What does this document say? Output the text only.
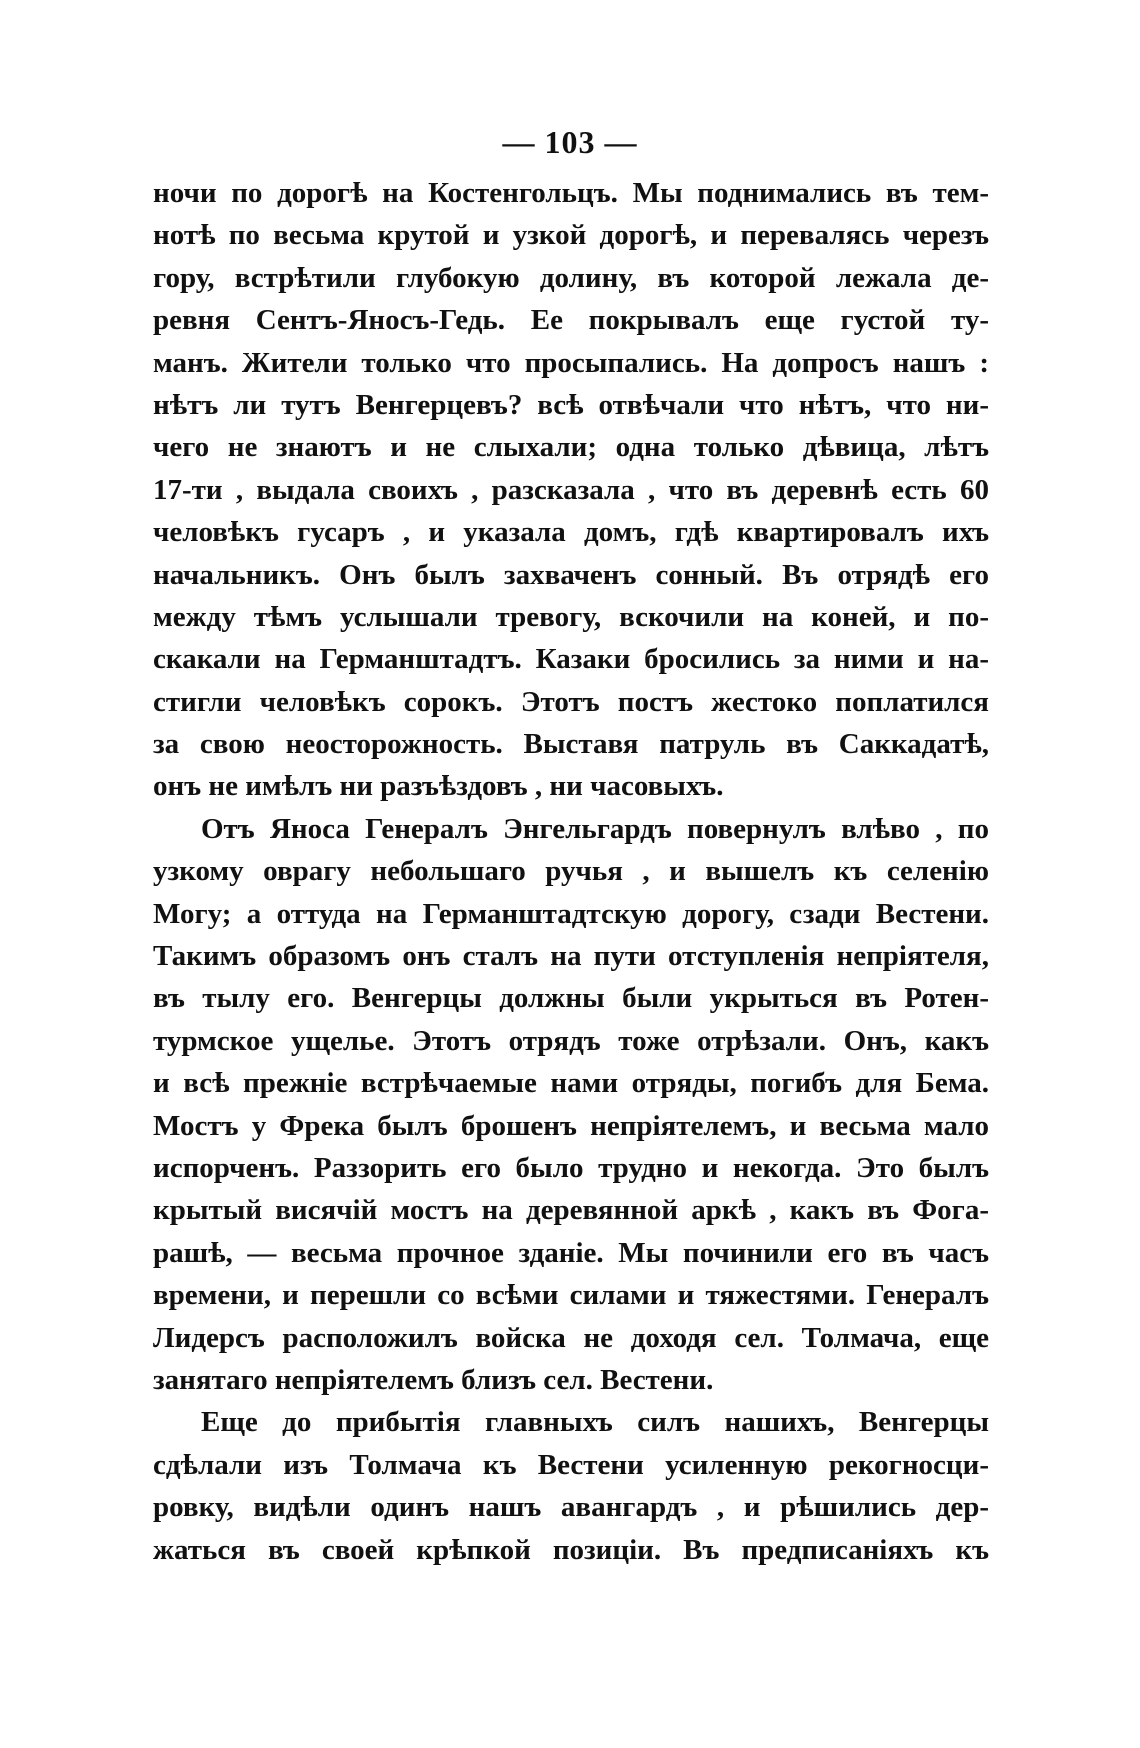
— 103 —
ночи по дорогѣ на Костенгольцъ. Мы поднимались въ тем-
нотѣ по весьма крутой и узкой дорогѣ, и перевалясь черезъ
гору, встрѣтили глубокую долину, въ которой лежала де-
ревня Сентъ-Яносъ-Гедь. Ее покрывалъ еще густой ту-
манъ. Жители только что просыпались. На допросъ нашъ :
нѣтъ ли тутъ Венгерцевъ? всѣ отвѣчали что нѣтъ, что ни-
чего не знаютъ и не слыхали; одна только дѣвица, лѣтъ
17-ти , выдала своихъ , разсказала , что въ деревнѣ есть 60
человѣкъ гусаръ , и указала домъ, гдѣ квартировалъ ихъ
начальникъ. Онъ былъ захваченъ сонный. Въ отрядѣ его
между тѣмъ услышали тревогу, вскочили на коней, и по-
скакали на Германштадтъ. Казаки бросились за ними и на-
стигли человѣкъ сорокъ. Этотъ постъ жестоко поплатился
за свою неосторожность. Выставя патруль въ Саккадатѣ,
онъ не имѣлъ ни разъѣздовъ , ни часовыхъ.
Отъ Яноса Генералъ Энгельгардъ повернулъ влѣво , по
узкому оврагу небольшаго ручья , и вышелъ къ селенію
Могу; а оттуда на Германштадтскую дорогу, сзади Вестени.
Такимъ образомъ онъ сталъ на пути отступленія непріятеля,
въ тылу его. Венгерцы должны были укрыться въ Ротен-
турмское ущелье. Этотъ отрядъ тоже отрѣзали. Онъ, какъ
и всѣ прежніе встрѣчаемые нами отряды, погибъ для Бема.
Мостъ у Фрека былъ брошенъ непріятелемъ, и весьма мало
испорченъ. Раззорить его было трудно и некогда. Это былъ
крытый висячій мостъ на деревянной аркѣ , какъ въ Фога-
рашѣ, — весьма прочное зданіе. Мы починили его въ часъ
времени, и перешли со всѣми силами и тяжестями. Генералъ
Лидерсъ расположилъ войска не доходя сел. Толмача, еще
занятаго непріятелемъ близъ сел. Вестени.
Еще до прибытія главныхъ силъ нашихъ, Венгерцы
сдѣлали изъ Толмача къ Вестени усиленную рекогносци-
ровку, видѣли одинъ нашъ авангардъ , и рѣшились дер-
жаться въ своей крѣпкой позиціи. Въ предписаніяхъ къ
